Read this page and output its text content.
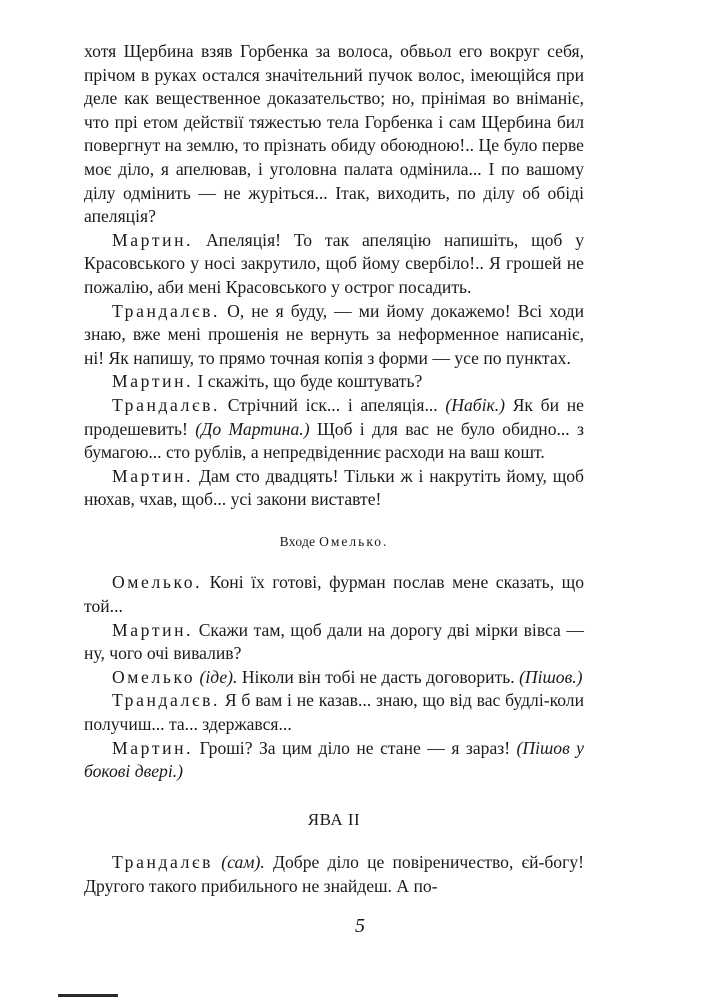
хотя Щербина взяв Горбенка за волоса, обвьол его вокруг себя, прічом в руках остался значітельний пучок волос, імеющійся при деле как вещественное доказательство; но, прінімая во вніманіє, что прі етом действії тяжестью тела Горбенка і сам Щербина бил повергнут на землю, то прізнать обиду обоюдною!.. Це було перве моє діло, я апелював, і уголовна палата одмінила... І по вашому ділу одмінить — не журіться... Ітак, виходить, по ділу об обіді апеляція?

Мартин. Апеляція! То так апеляцію напишіть, щоб у Красовського у носі закрутило, щоб йому свербіло!.. Я грошей не пожалію, аби мені Красовського у острог посадить.

Трандалєв. О, не я буду, — ми йому докажемо! Всі ходи знаю, вже мені прошенія не вернуть за неформенное написаніє, ні! Як напишу, то прямо точная копія з форми — усе по пунктах.

Мартин. І скажіть, що буде коштувать?

Трандалєв. Стрічний іск... і апеляція... (Набік.) Як би не продешевить! (До Мартина.) Щоб і для вас не було обидно... з бумагою... сто рублів, а непредвіденниє расходи на ваш кошт.

Мартин. Дам сто двадцять! Тільки ж і накрутіть йому, щоб нюхав, чхав, щоб... усі закони виставте!

Входе Омелько.

Омелько. Коні їх готові, фурман послав мене сказать, що той...

Мартин. Скажи там, щоб дали на дорогу дві мірки вівса — ну, чого очі вивалив?

Омелько (іде). Ніколи він тобі не дасть договорить. (Пішов.)

Трандалєв. Я б вам і не казав... знаю, що від вас будлі-коли получиш... та... здержався...

Мартин. Гроші? За цим діло не стане — я зараз! (Пішов у бокові двері.)

ЯВА II

Трандалєв (сам). Добре діло це повіреничество, єй-богу! Другого такого прибильного не знайдеш. А по-

5
